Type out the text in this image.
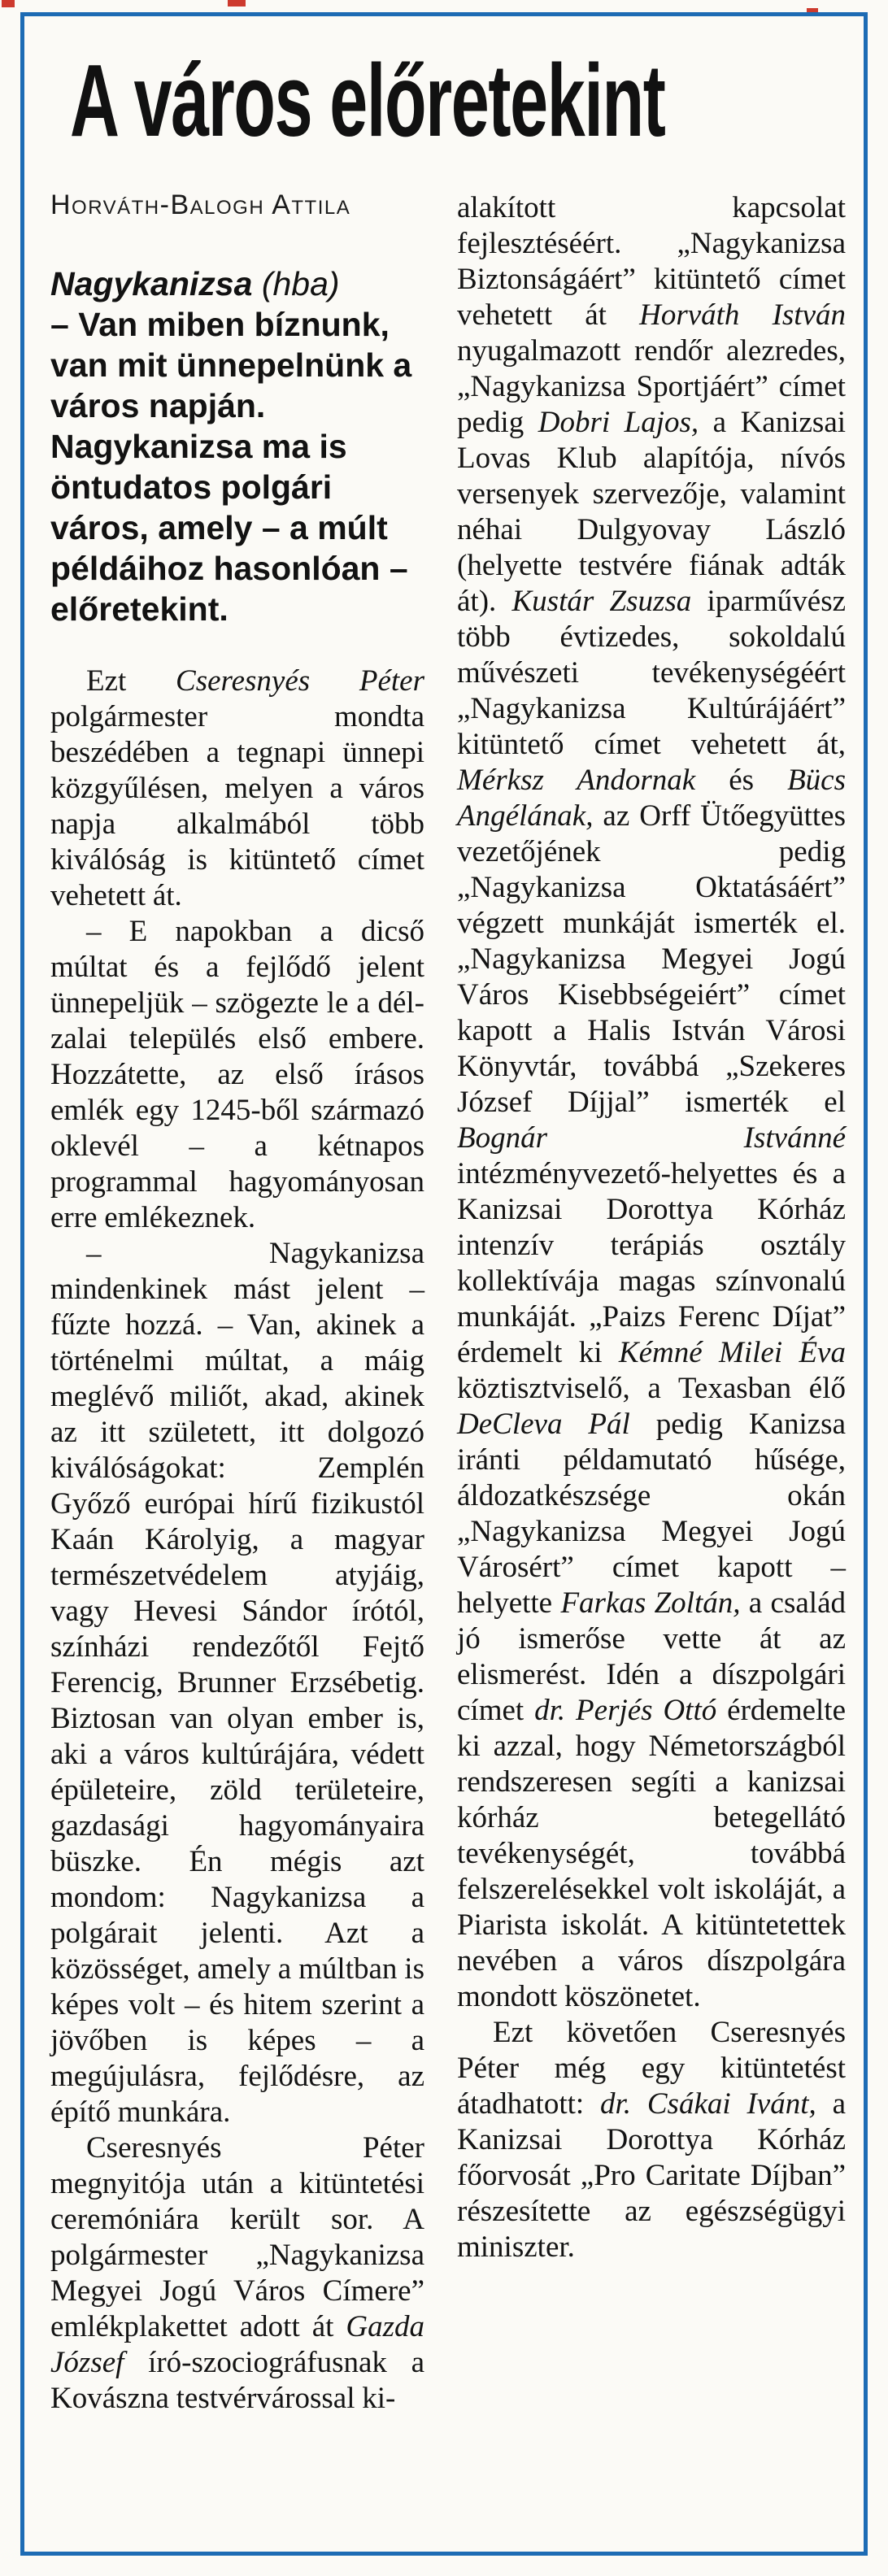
A város előretekint
Horváth-Balogh Attila
Nagykanizsa (hba)
– Van miben bíznunk, van mit ünnepelnünk a város napján. Nagykanizsa ma is öntudatos polgári város, amely – a múlt példáihoz hasonlóan – előretekint.

Ezt Cseresnyés Péter polgármester mondta beszédében a tegnapi ünnepi közgyűlésen, melyen a város napja alkalmából több kiválóság is kitüntető címet vehetett át.

– E napokban a dicső múltat és a fejlődő jelent ünnepeljük – szögezte le a dél-zalai település első embere. Hozzátette, az első írásos emlék egy 1245-ből származó oklevél – a kétnapos programmal hagyományosan erre emlékeznek.

– Nagykanizsa mindenkinek mást jelent – fűzte hozzá. – Van, akinek a történelmi múltat, a máig meglévő miliőt, akad, akinek az itt született, itt dolgozó kiválóságokat: Zemplén Győző európai hírű fizikustól Kaán Károlyig, a magyar természetvédelem atyjáig, vagy Hevesi Sándor írótól, színházi rendezőtől Fejtő Ferencig, Brunner Erzsébetig. Biztosan van olyan ember is, aki a város kultúrájára, védett épületeire, zöld területeire, gazdasági hagyományaira büszke. Én mégis azt mondom: Nagykanizsa a polgárait jelenti. Azt a közösséget, amely a múltban is képes volt – és hitem szerint a jövőben is képes – a megújulásra, fejlődésre, az építő munkára.

Cseresnyés Péter megnyitója után a kitüntetési ceremóniára került sor. A polgármester „Nagykanizsa Megyei Jogú Város Címere” emlékplakettet adott át Gazda József író-szociográfusnak a Kovászna testvérvárossal ki-

alakított kapcsolat fejlesztéséért. „Nagykanizsa Biztonságáért” kitüntető címet vehetett át Horváth István nyugalmazott rendőr alezredes, „Nagykanizsa Sportjáért” címet pedig Dobri Lajos, a Kanizsai Lovas Klub alapítója, nívós versenyek szervezője, valamint néhai Dulgyovay László (helyette testvére fiának adták át). Kustár Zsuzsa iparművész több évtizedes, sokoldalú művészeti tevékenységéért „Nagykanizsa Kultúrájáért” kitüntető címet vehetett át, Mérksz Andornak és Bücs Angélának, az Orff Ütőegyüttes vezetőjének pedig „Nagykanizsa Oktatásáért” végzett munkáját ismerték el. „Nagykanizsa Megyei Jogú Város Kisebbségeiért” címet kapott a Halis István Városi Könyvtár, továbbá „Szekeres József Díjjal” ismerték el Bognár Istvánné intézményvezető-helyettes és a Kanizsai Dorottya Kórház intenzív terápiás osztály kollektívája magas színvonalú munkáját. „Paizs Ferenc Díjat” érdemelt ki Kémné Milei Éva köztisztviselő, a Texasban élő DeCleva Pál pedig Kanizsa iránti példamutató hűsége, áldozatkészsége okán „Nagykanizsa Megyei Jogú Városért” címet kapott – helyette Farkas Zoltán, a család jó ismerőse vette át az elismerést. Idén a díszpolgári címet dr. Perjés Ottó érdemelte ki azzal, hogy Németországból rendszeresen segíti a kanizsai kórház betegellátó tevékenységét, továbbá felszerelésekkel volt iskoláját, a Piarista iskolát. A kitüntetettek nevében a város díszpolgára mondott köszönetet.

Ezt követően Cseresnyés Péter még egy kitüntetést átadhatott: dr. Csákai Ivánt, a Kanizsai Dorottya Kórház főorvosát „Pro Caritate Díjban” részesítette az egészségügyi miniszter.
